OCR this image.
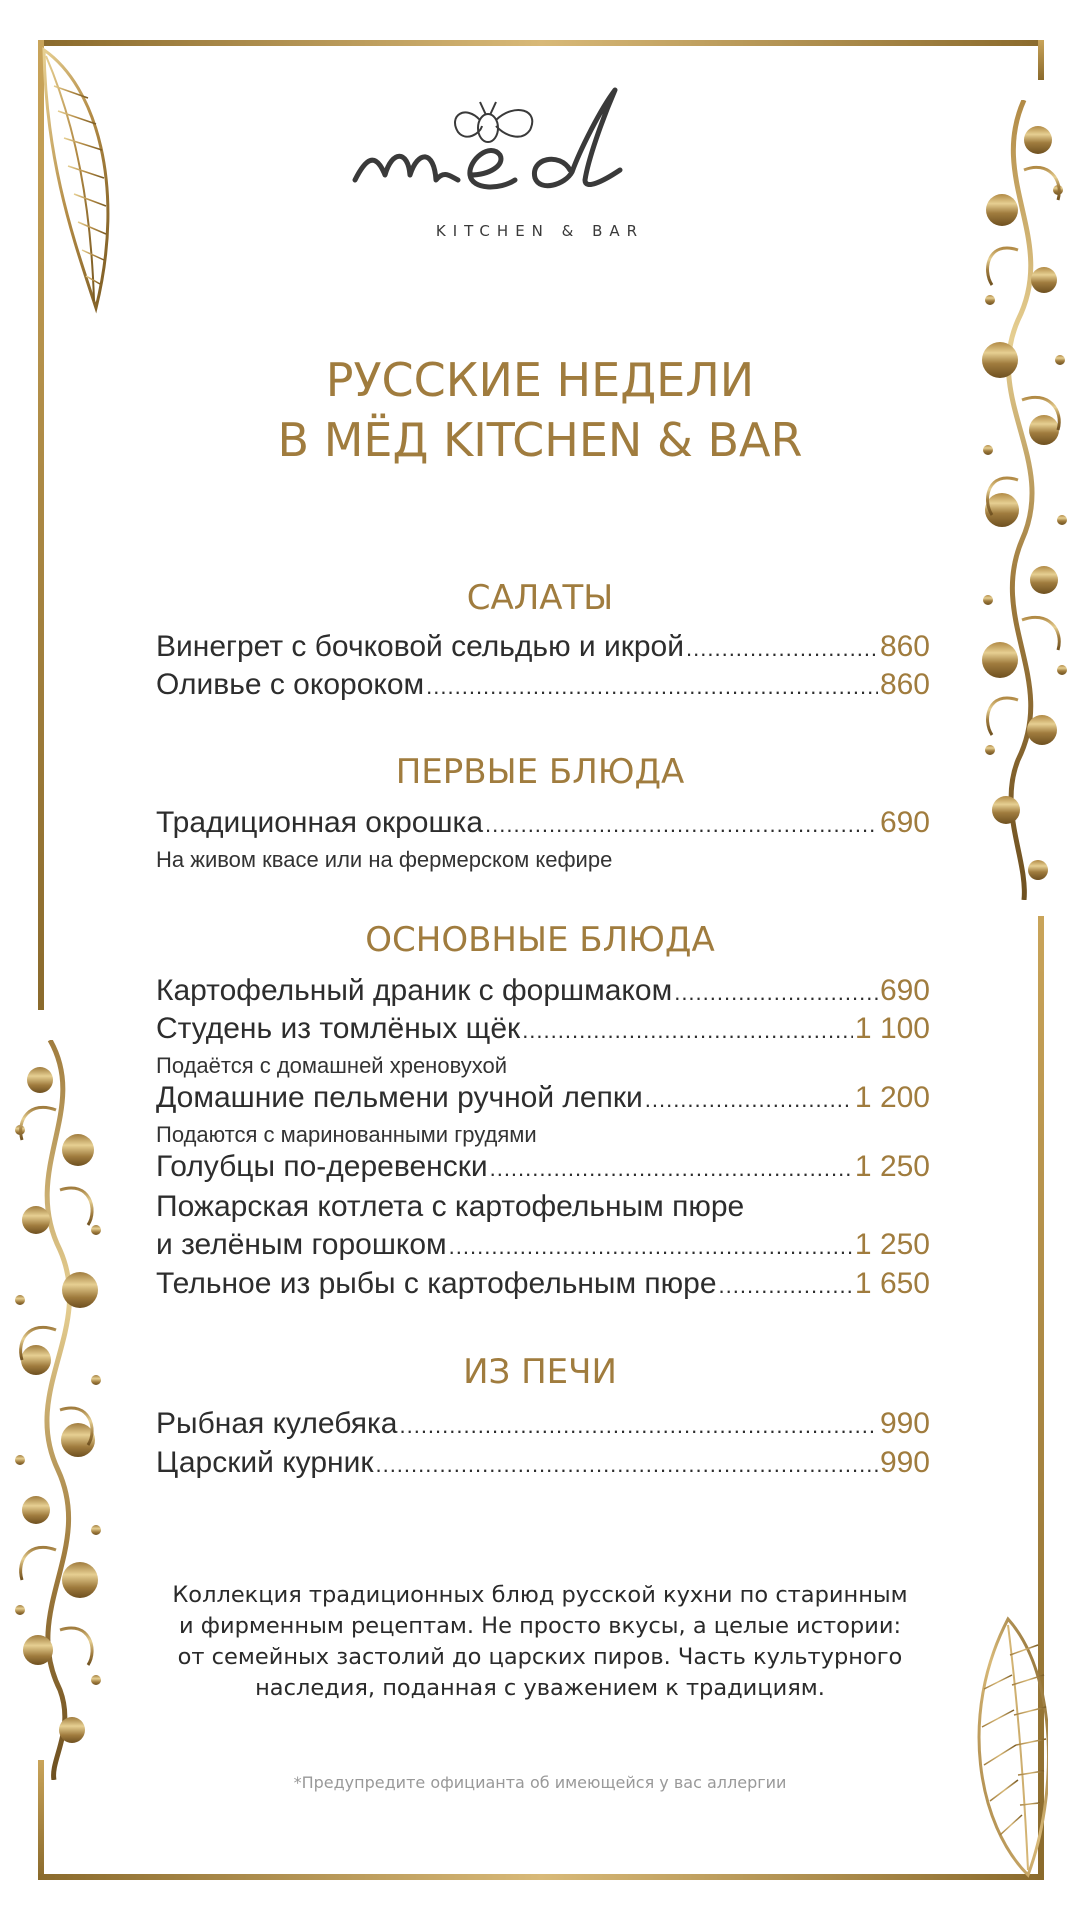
KITCHEN & BAR
РУССКИЕ НЕДЕЛИ
В МЁД KITCHEN & BAR
САЛАТЫ
Винегрет с бочковой сельдью и икрой .....	860
Оливье с окороком .....	860
ПЕРВЫЕ БЛЮДА
Традиционная окрошка .....	690
На живом квасе или на фермерском кефире
ОСНОВНЫЕ БЛЮДА
Картофельный драник с форшмаком .....	690
Студень из томлёных щёк .....	1 100
Подаётся с домашней хреновухой
Домашние пельмени ручной лепки .....	1 200
Подаются с маринованными грудями
Голубцы по-деревенски .....	1 250
Пожарская котлета с картофельным пюре
и зелёным горошком .....	1 250
Тельное из рыбы с картофельным пюре .....	1 650
ИЗ ПЕЧИ
Рыбная кулебяка .....	990
Царский курник .....	990
Коллекция традиционных блюд русской кухни по старинным
и фирменным рецептам. Не просто вкусы, а целые истории:
от семейных застолий до царских пиров. Часть культурного
наследия, поданная с уважением к традициям.
*Предупредите официанта об имеющейся у вас аллергии
